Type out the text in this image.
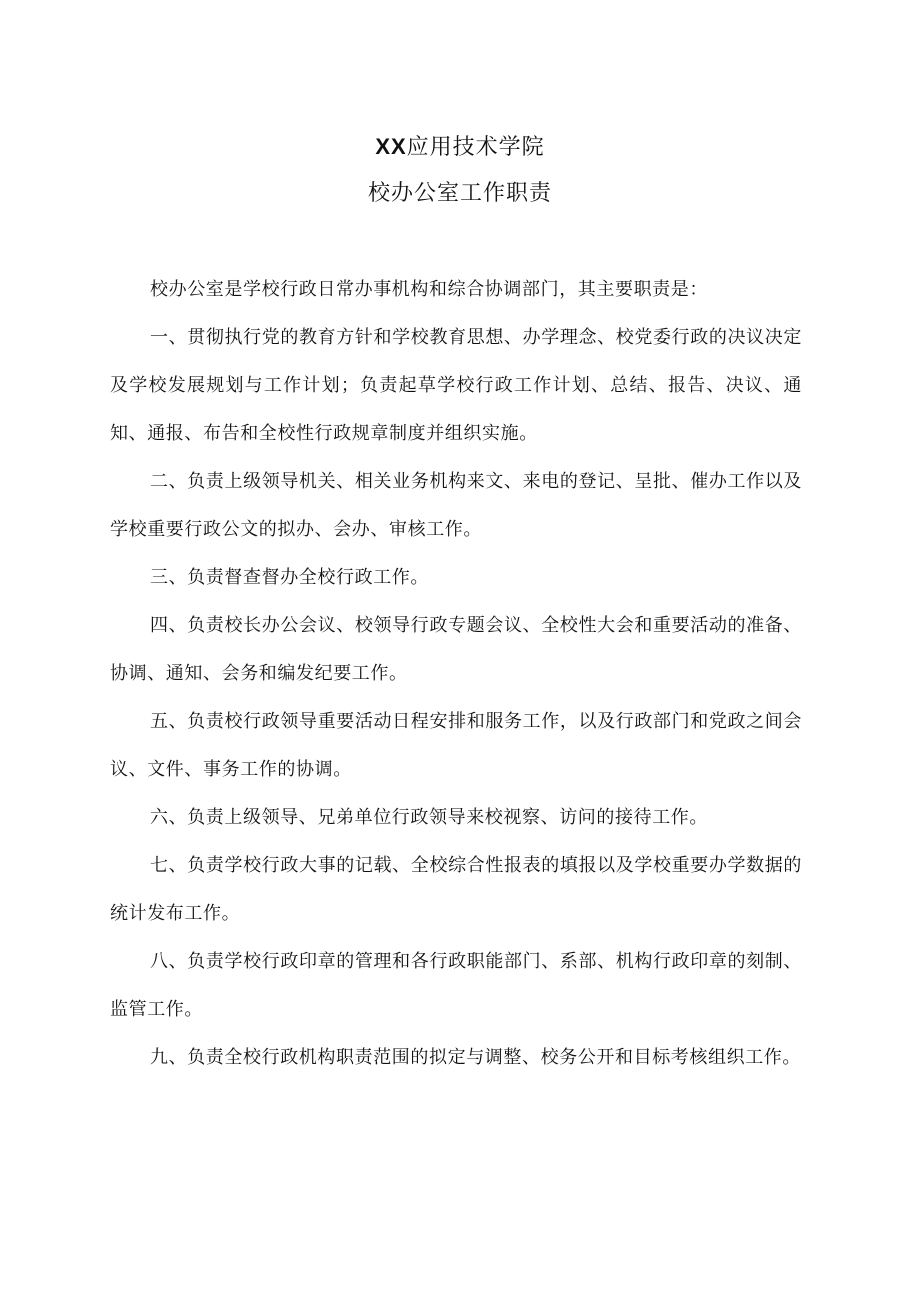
XX应用技术学院
校办公室工作职责

校办公室是学校行政日常办事机构和综合协调部门，其主要职责是：

一、贯彻执行党的教育方针和学校教育思想、办学理念、校党委行政的决议决定及学校发展规划与工作计划；负责起草学校行政工作计划、总结、报告、决议、通知、通报、布告和全校性行政规章制度并组织实施。

二、负责上级领导机关、相关业务机构来文、来电的登记、呈批、催办工作以及学校重要行政公文的拟办、会办、审核工作。

三、负责督查督办全校行政工作。

四、负责校长办公会议、校领导行政专题会议、全校性大会和重要活动的准备、协调、通知、会务和编发纪要工作。

五、负责校行政领导重要活动日程安排和服务工作，以及行政部门和党政之间会议、文件、事务工作的协调。

六、负责上级领导、兄弟单位行政领导来校视察、访问的接待工作。

七、负责学校行政大事的记载、全校综合性报表的填报以及学校重要办学数据的统计发布工作。

八、负责学校行政印章的管理和各行政职能部门、系部、机构行政印章的刻制、监管工作。

九、负责全校行政机构职责范围的拟定与调整、校务公开和目标考核组织工作。
